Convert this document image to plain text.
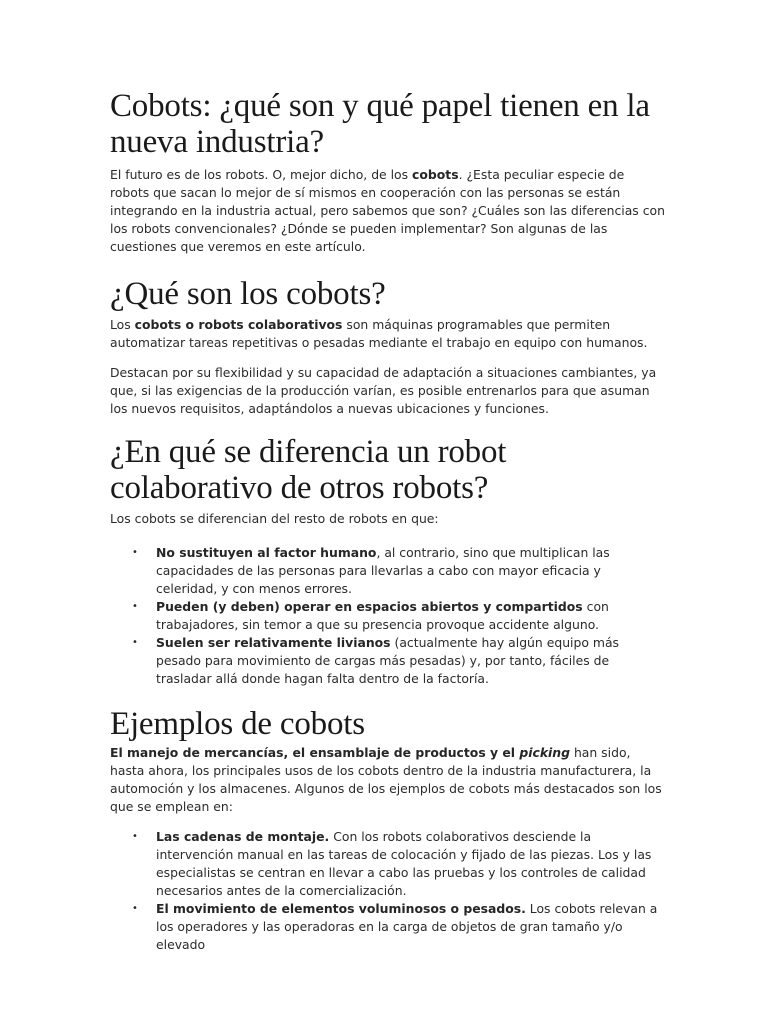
Cobots: ¿qué son y qué papel tienen en la nueva industria?

El futuro es de los robots. O, mejor dicho, de los cobots. ¿Esta peculiar especie de robots que sacan lo mejor de sí mismos en cooperación con las personas se están integrando en la industria actual, pero sabemos que son? ¿Cuáles son las diferencias con los robots convencionales? ¿Dónde se pueden implementar? Son algunas de las cuestiones que veremos en este artículo.

¿Qué son los cobots?

Los cobots o robots colaborativos son máquinas programables que permiten automatizar tareas repetitivas o pesadas mediante el trabajo en equipo con humanos.

Destacan por su flexibilidad y su capacidad de adaptación a situaciones cambiantes, ya que, si las exigencias de la producción varían, es posible entrenarlos para que asuman los nuevos requisitos, adaptándolos a nuevas ubicaciones y funciones.

¿En qué se diferencia un robot colaborativo de otros robots?

Los cobots se diferencian del resto de robots en que:

• No sustituyen al factor humano, al contrario, sino que multiplican las capacidades de las personas para llevarlas a cabo con mayor eficacia y celeridad, y con menos errores.
• Pueden (y deben) operar en espacios abiertos y compartidos con trabajadores, sin temor a que su presencia provoque accidente alguno.
• Suelen ser relativamente livianos (actualmente hay algún equipo más pesado para movimiento de cargas más pesadas) y, por tanto, fáciles de trasladar allá donde hagan falta dentro de la factoría.
Ejemplos de cobots

El manejo de mercancías, el ensamblaje de productos y el picking han sido, hasta ahora, los principales usos de los cobots dentro de la industria manufacturera, la automoción y los almacenes. Algunos de los ejemplos de cobots más destacados son los que se emplean en:

• Las cadenas de montaje. Con los robots colaborativos desciende la intervención manual en las tareas de colocación y fijado de las piezas. Los y las especialistas se centran en llevar a cabo las pruebas y los controles de calidad necesarios antes de la comercialización.
• El movimiento de elementos voluminosos o pesados. Los cobots relevan a los operadores y las operadoras en la carga de objetos de gran tamaño y/o elevado
